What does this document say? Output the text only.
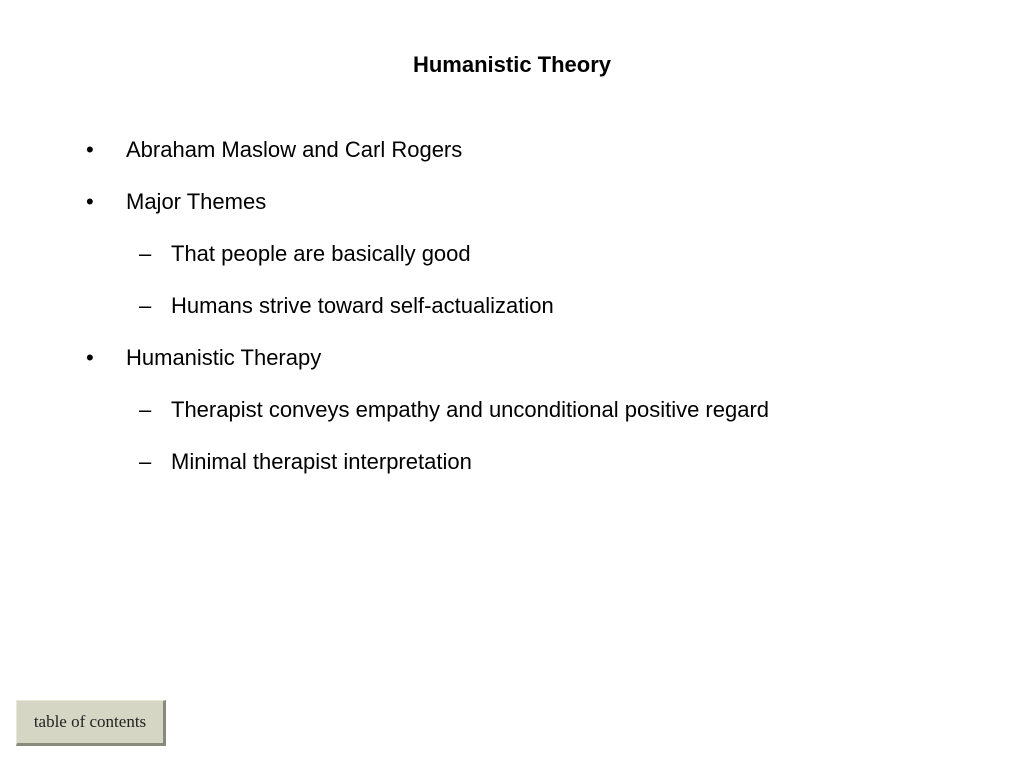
Humanistic Theory
• Abraham Maslow and Carl Rogers
• Major Themes
– That people are basically good
– Humans strive toward self-actualization
• Humanistic Therapy
– Therapist conveys empathy and unconditional positive regard
– Minimal therapist interpretation
table of contents
